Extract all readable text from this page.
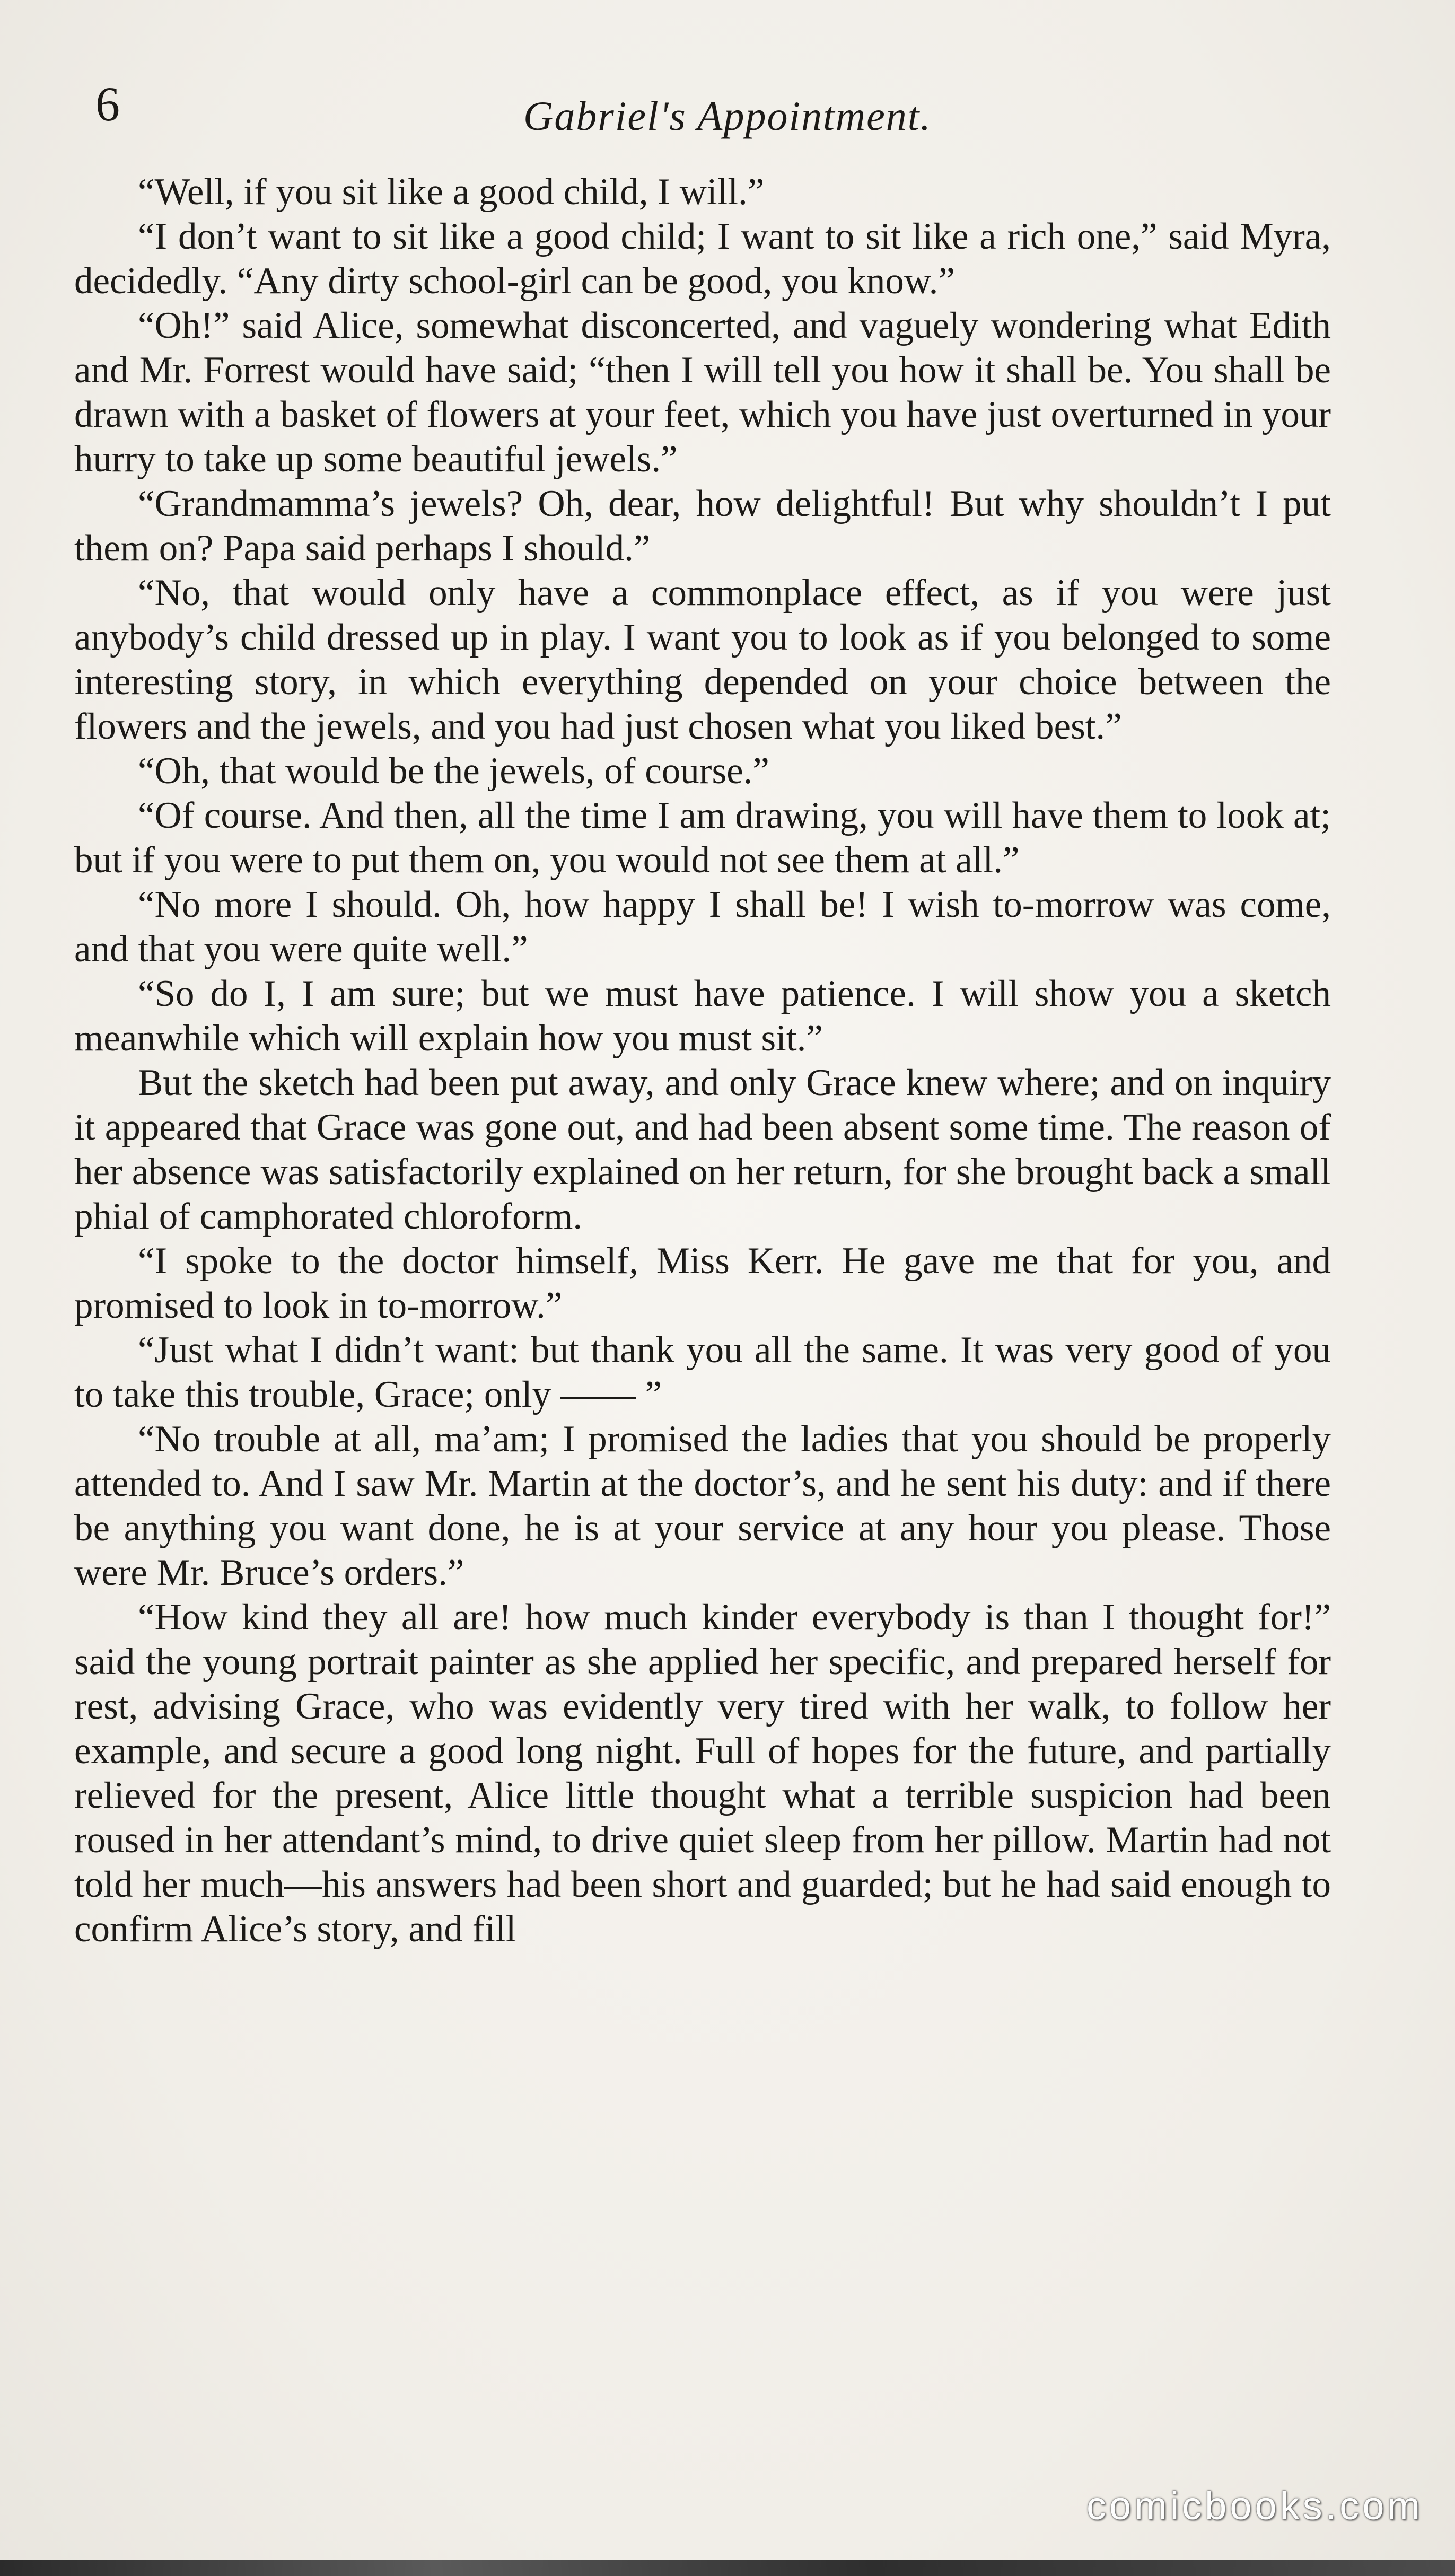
6	Gabriel's Appointment.

“Well, if you sit like a good child, I will.”

“I don’t want to sit like a good child; I want to sit like a rich one,” said Myra, decidedly. “Any dirty school-girl can be good, you know.”

“Oh!” said Alice, somewhat disconcerted, and vaguely wondering what Edith and Mr. Forrest would have said; “then I will tell you how it shall be. You shall be drawn with a basket of flowers at your feet, which you have just overturned in your hurry to take up some beautiful jewels.”

“Grandmamma’s jewels? Oh, dear, how delightful! But why shouldn’t I put them on? Papa said perhaps I should.”

“No, that would only have a commonplace effect, as if you were just anybody’s child dressed up in play. I want you to look as if you belonged to some interesting story, in which everything depended on your choice between the flowers and the jewels, and you had just chosen what you liked best.”

“Oh, that would be the jewels, of course.”

“Of course. And then, all the time I am drawing, you will have them to look at; but if you were to put them on, you would not see them at all.”

“No more I should. Oh, how happy I shall be! I wish to-morrow was come, and that you were quite well.”

“So do I, I am sure; but we must have patience. I will show you a sketch meanwhile which will explain how you must sit.”

But the sketch had been put away, and only Grace knew where; and on inquiry it appeared that Grace was gone out, and had been absent some time. The reason of her absence was satisfactorily explained on her return, for she brought back a small phial of camphorated chloroform.

“I spoke to the doctor himself, Miss Kerr. He gave me that for you, and promised to look in to-morrow.”

“Just what I didn’t want: but thank you all the same. It was very good of you to take this trouble, Grace; only —— ”

“No trouble at all, ma’am; I promised the ladies that you should be properly attended to. And I saw Mr. Martin at the doctor’s, and he sent his duty: and if there be anything you want done, he is at your service at any hour you please. Those were Mr. Bruce’s orders.”

“How kind they all are! how much kinder everybody is than I thought for!” said the young portrait painter as she applied her specific, and prepared herself for rest, advising Grace, who was evidently very tired with her walk, to follow her example, and secure a good long night. Full of hopes for the future, and partially relieved for the present, Alice little thought what a terrible suspicion had been roused in her attendant’s mind, to drive quiet sleep from her pillow. Martin had not told her much—his answers had been short and guarded; but he had said enough to confirm Alice’s story, and fill

comicbooks.com
